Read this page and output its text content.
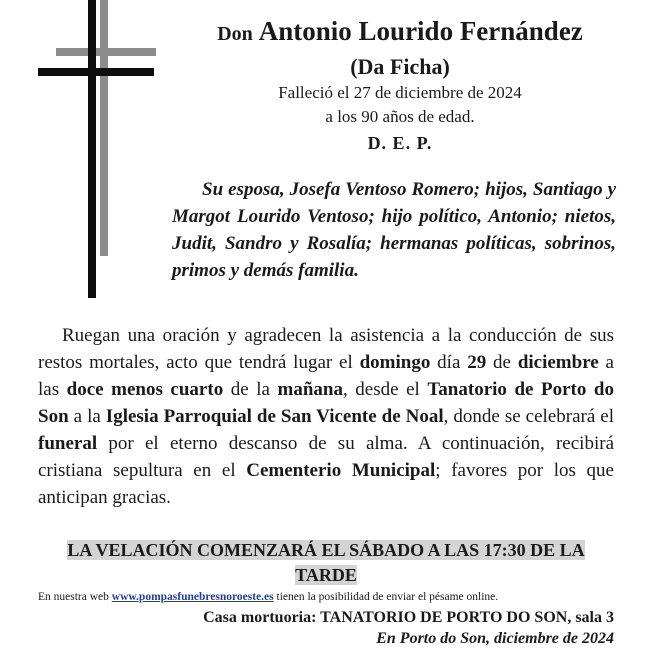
Don Antonio Lourido Fernández
(Da Ficha)
Falleció el 27 de diciembre de 2024
a los 90 años de edad.
D. E. P.

Su esposa, Josefa Ventoso Romero; hijos, Santiago y Margot Lourido Ventoso; hijo político, Antonio; nietos, Judit, Sandro y Rosalía; hermanas políticas, sobrinos, primos y demás familia.

Ruegan una oración y agradecen la asistencia a la conducción de sus restos mortales, acto que tendrá lugar el domingo día 29 de diciembre a las doce menos cuarto de la mañana, desde el Tanatorio de Porto do Son a la Iglesia Parroquial de San Vicente de Noal, donde se celebrará el funeral por el eterno descanso de su alma. A continuación, recibirá cristiana sepultura en el Cementerio Municipal; favores por los que anticipan gracias.

LA VELACIÓN COMENZARÁ EL SÁBADO A LAS 17:30 DE LA TARDE

En nuestra web www.pompasfunebresnoroeste.es tienen la posibilidad de enviar el pésame online.

Casa mortuoria: TANATORIO DE PORTO DO SON, sala 3
En Porto do Son, diciembre de 2024
